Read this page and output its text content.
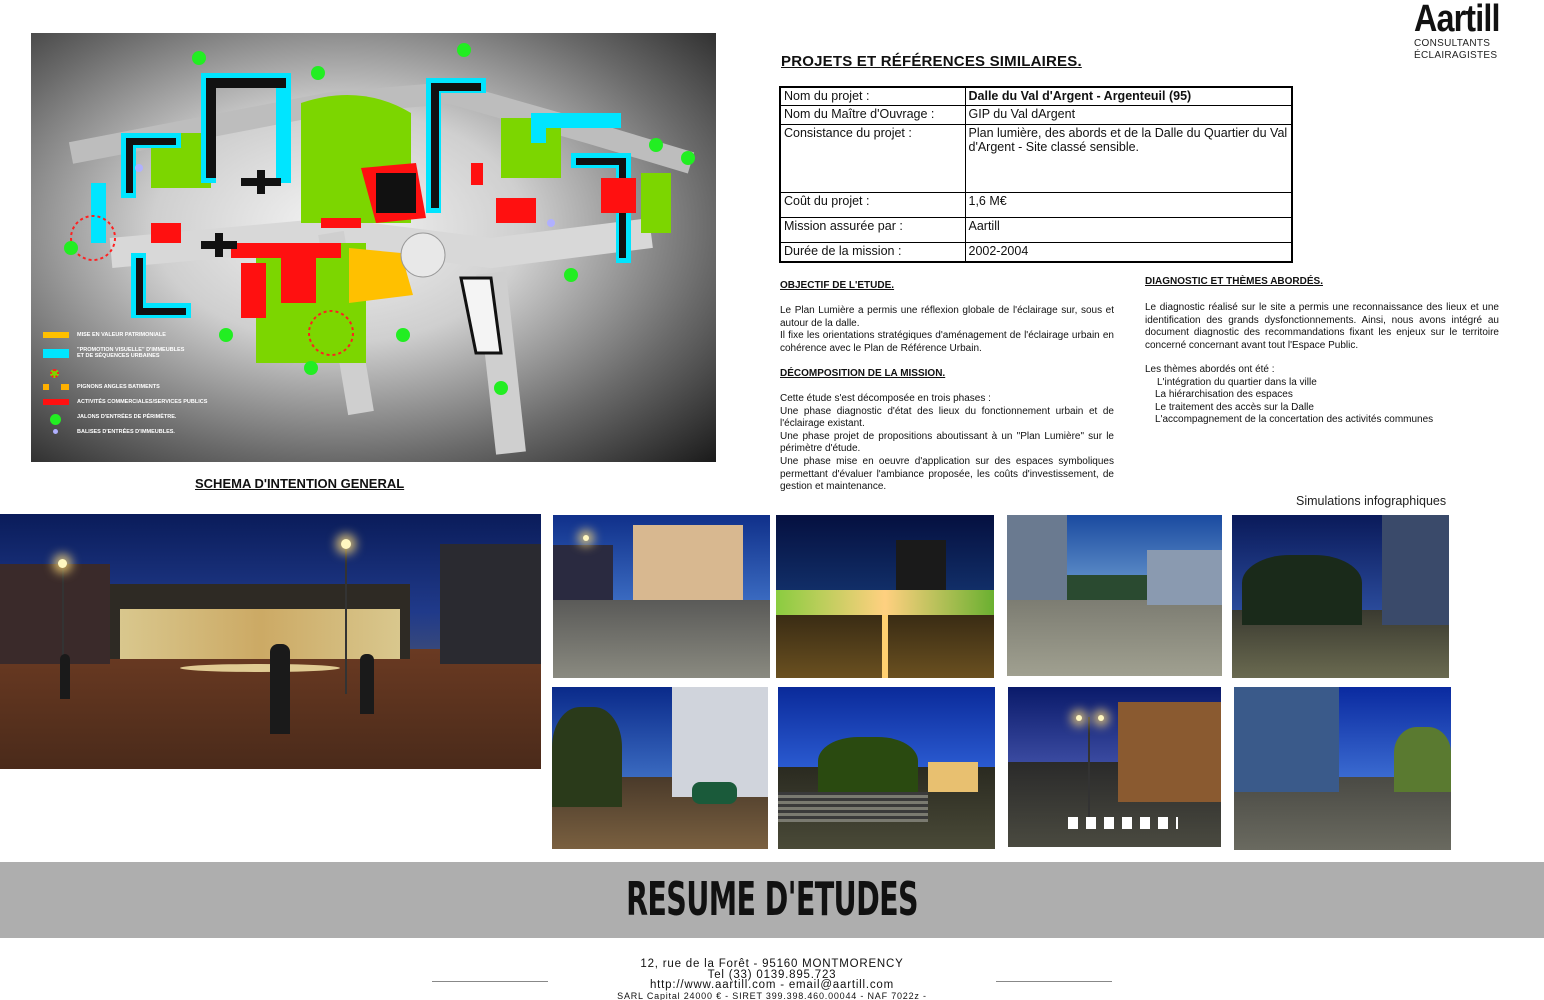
Aartill
CONSULTANTS
ÉCLAIRAGISTES
MISE EN VALEUR PATRIMONIALE
"PROMOTION VISUELLE" D'IMMEUBLES ET DE SÉQUENCES URBAINES
PIGNONS ANGLES BATIMENTS
ACTIVITÉS COMMERCIALES/SERVICES PUBLICS
JALONS D'ENTRÉES DE PÉRIMÈTRE.
BALISES D'ENTRÉES D'IMMEUBLES.
SCHEMA D'INTENTION GENERAL
PROJETS ET RÉFÉRENCES SIMILAIRES.
Nom du projet :	Dalle du Val d'Argent - Argenteuil (95)
Nom du Maître d'Ouvrage :	GIP du Val dArgent
Consistance du projet :	Plan lumière, des abords et de la Dalle du Quartier du Val d'Argent - Site classé sensible.
Coût du projet :	1,6 M€
Mission assurée par :	Aartill
Durée de la mission :	2002-2004
OBJECTIF DE L'ETUDE.

Le Plan Lumière a permis une réflexion globale de l'éclairage sur, sous et autour de la dalle.

Il fixe les orientations stratégiques d'aménagement de l'éclairage urbain en cohérence avec le Plan de Référence Urbain.

DÉCOMPOSITION DE LA MISSION.

Cette étude s'est décomposée en trois phases :

Une phase diagnostic d'état des lieux du fonctionnement urbain et de l'éclairage existant.

Une phase projet de propositions aboutissant à un "Plan Lumière" sur le périmètre d'étude.

Une phase mise en oeuvre d'application sur des espaces symboliques permettant d'évaluer l'ambiance proposée, les coûts d'investissement, de gestion et maintenance.

DIAGNOSTIC ET THÈMES ABORDÉS.
Le diagnostic réalisé sur le site a permis une reconnaissance des lieux et une identification des grands dysfonctionnements. Ainsi, nous avons intégré au document diagnostic des recommandations fixant les enjeux sur le territoire concerné concernant avant tout l'Espace Public.
Les thèmes abordés ont été :
L'intégration du quartier dans la ville
La hiérarchisation des espaces
Le traitement des accès sur la Dalle
L'accompagnement de la concertation des activités communes
Simulations infographiques
RESUME D'ETUDES
12, rue de la Forêt - 95160 MONTMORENCY
Tel (33) 0139.895.723
http://www.aartill.com - email@aartill.com
SARL Capital 24000 € - SIRET 399.398.460.00044 - NAF 7022z -
